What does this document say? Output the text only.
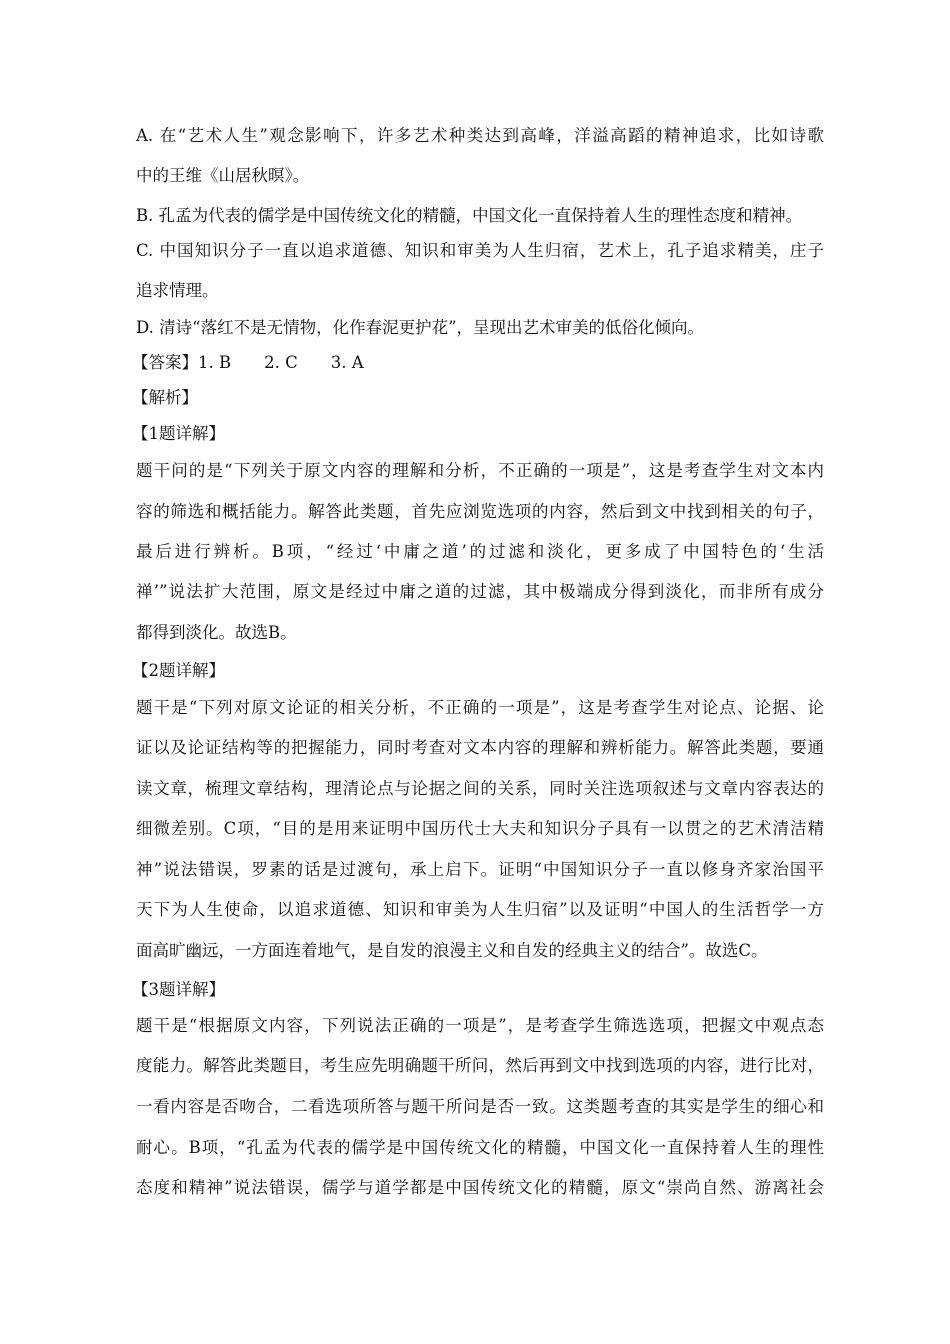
A. 在“艺术人生”观念影响下，许多艺术种类达到高峰，洋溢高蹈的精神追求，比如诗歌
中的王维《山居秋暝》。
B. 孔孟为代表的儒学是中国传统文化的精髓，中国文化一直保持着人生的理性态度和精神。
C. 中国知识分子一直以追求道德、知识和审美为人生归宿，艺术上，孔子追求精美，庄子
追求情理。
D. 清诗“落红不是无情物，化作春泥更护花”，呈现出艺术审美的低俗化倾向。
【答案】1. B　　2. C　　3. A
【解析】
【1题详解】
题干问的是“下列关于原文内容的理解和分析，不正确的一项是”，这是考查学生对文本内
容的筛选和概括能力。解答此类题，首先应浏览选项的内容，然后到文中找到相关的句子，
最后进行辨析。B项，“经过‘中庸之道’的过滤和淡化，更多成了中国特色的‘生活
禅’”说法扩大范围，原文是经过中庸之道的过滤，其中极端成分得到淡化，而非所有成分
都得到淡化。故选B。
【2题详解】
题干是“下列对原文论证的相关分析，不正确的一项是”，这是考查学生对论点、论据、论
证以及论证结构等的把握能力，同时考查对文本内容的理解和辨析能力。解答此类题，要通
读文章，梳理文章结构，理清论点与论据之间的关系，同时关注选项叙述与文章内容表达的
细微差别。C项，“目的是用来证明中国历代士大夫和知识分子具有一以贯之的艺术清洁精
神”说法错误，罗素的话是过渡句，承上启下。证明“中国知识分子一直以修身齐家治国平
天下为人生使命，以追求道德、知识和审美为人生归宿”以及证明“中国人的生活哲学一方
面高旷幽远，一方面连着地气，是自发的浪漫主义和自发的经典主义的结合”。故选C。
【3题详解】
题干是“根据原文内容，下列说法正确的一项是”，是考查学生筛选选项，把握文中观点态
度能力。解答此类题目，考生应先明确题干所问，然后再到文中找到选项的内容，进行比对，
一看内容是否吻合，二看选项所答与题干所问是否一致。这类题考查的其实是学生的细心和
耐心。B项，“孔孟为代表的儒学是中国传统文化的精髓，中国文化一直保持着人生的理性
态度和精神”说法错误，儒学与道学都是中国传统文化的精髓，原文“崇尚自然、游离社会
